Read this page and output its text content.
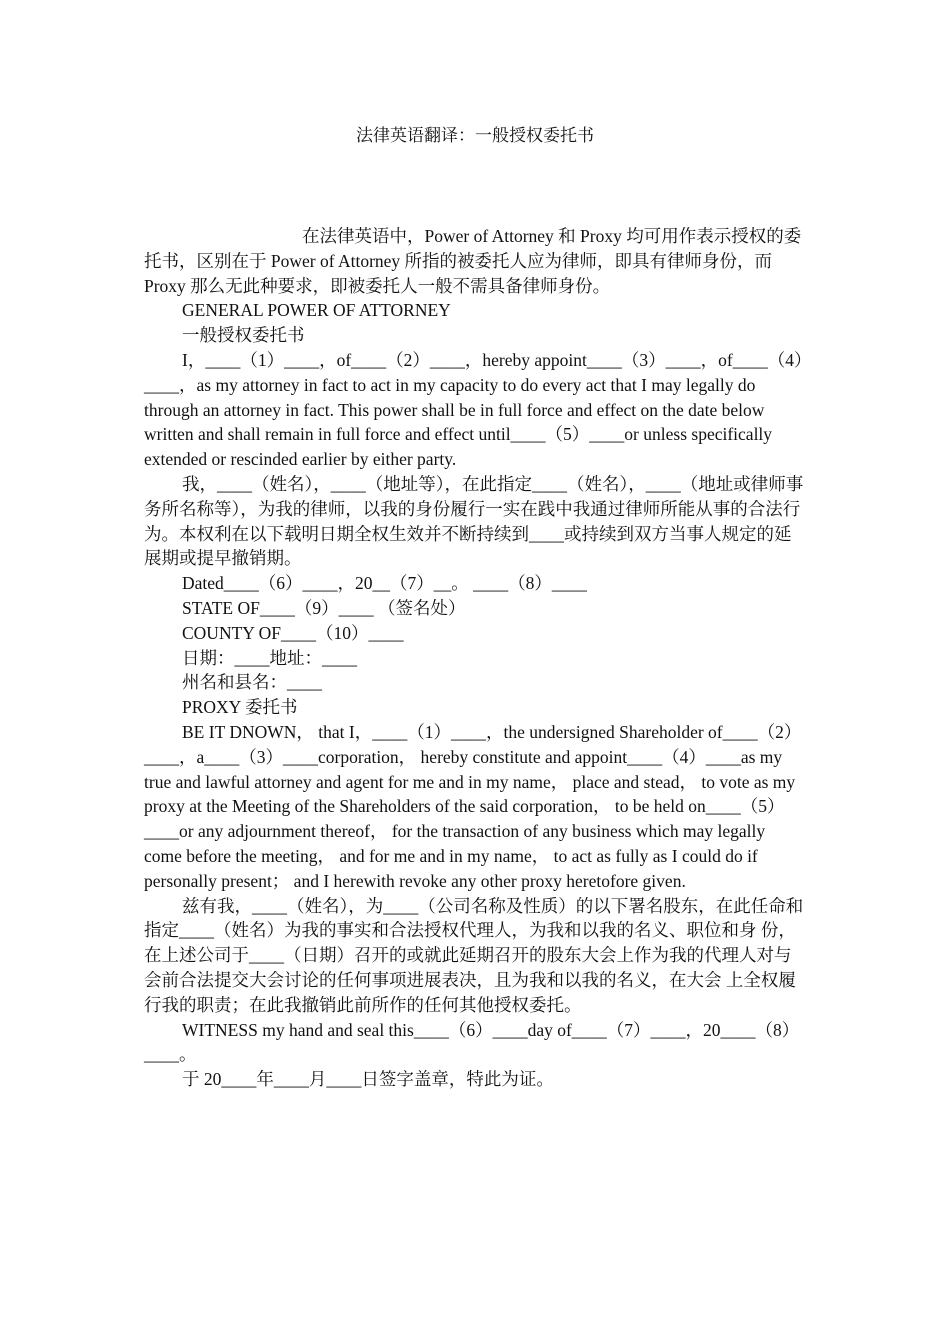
法律英语翻译：一般授权委托书

在法律英语中，Power of Attorney 和 Proxy 均可用作表示授权的委托书，区别在于 Power of Attorney 所指的被委托人应为律师，即具有律师身份，而 Proxy 那么无此种要求，即被委托人一般不需具备律师身份。

GENERAL POWER OF ATTORNEY

一般授权委托书

I，____（1）____，of____（2）____，hereby appoint____（3）____，of____（4）____，as my attorney in fact to act in my capacity to do every act that I may legally do through an attorney in fact. This power shall be in full force and effect on the date below written and shall remain in full force and effect until____（5）____or unless specifically extended or rescinded earlier by either party.

我，____（姓名），____（地址等），在此指定____（姓名），____（地址或律师事务所名称等），为我的律师，以我的身份履行一实在践中我通过律师所能从事的合法行为。本权利在以下载明日期全权生效并不断持续到____或持续到双方当事人规定的延展期或提早撤销期。

Dated____（6）____，20__（7）__。 ____（8）____

STATE OF____（9）____ （签名处）

COUNTY OF____（10）____

日期：____地址：____

州名和县名：____

PROXY 委托书

BE IT DNOWN， that I，____（1）____，the undersigned Shareholder of____（2）____，a____（3）____corporation， hereby constitute and appoint____（4）____as my true and lawful attorney and agent for me and in my name， place and stead， to vote as my proxy at the Meeting of the Shareholders of the said corporation， to be held on____（5）____or any adjournment thereof， for the transaction of any business which may legally come before the meeting， and for me and in my name， to act as fully as I could do if personally present； and I herewith revoke any other proxy heretofore given.

兹有我，____（姓名），为____（公司名称及性质）的以下署名股东，在此任命和指定____（姓名）为我的事实和合法授权代理人，为我和以我的名义、职位和身 份，在上述公司于____（日期）召开的或就此延期召开的股东大会上作为我的代理人对与会前合法提交大会讨论的任何事项进展表决，且为我和以我的名义，在大会 上全权履行我的职责；在此我撤销此前所作的任何其他授权委托。

WITNESS my hand and seal this____（6）____day of____（7）____，20____（8）____。

于 20____年____月____日签字盖章，特此为证。
